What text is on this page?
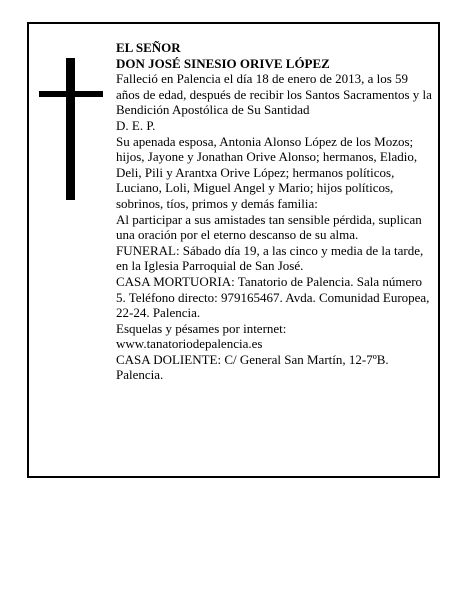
EL SEÑOR

DON JOSÉ SINESIO ORIVE LÓPEZ

Falleció en Palencia el día 18 de enero de 2013, a los 59 años de edad, después de recibir los Santos Sacramentos y la Bendición Apostólica de Su Santidad

D. E. P.

Su apenada esposa, Antonia Alonso López de los Mozos; hijos, Jayone y Jonathan Orive Alonso; hermanos, Eladio, Deli, Pili y Arantxa Orive López; hermanos políticos, Luciano, Loli, Miguel Angel y Mario; hijos políticos, sobrinos, tíos, primos y demás familia:

Al participar a sus amistades tan sensible pérdida, suplican una oración por el eterno descanso de su alma.

FUNERAL: Sábado día 19, a las cinco y media de la tarde, en la Iglesia Parroquial de San José.

CASA MORTUORIA: Tanatorio de Palencia. Sala número 5. Teléfono directo: 979165467. Avda. Comunidad Europea, 22-24. Palencia.

Esquelas y pésames por internet:

www.tanatoriodepalencia.es

CASA DOLIENTE: C/ General San Martín, 12-7ºB. Palencia.
